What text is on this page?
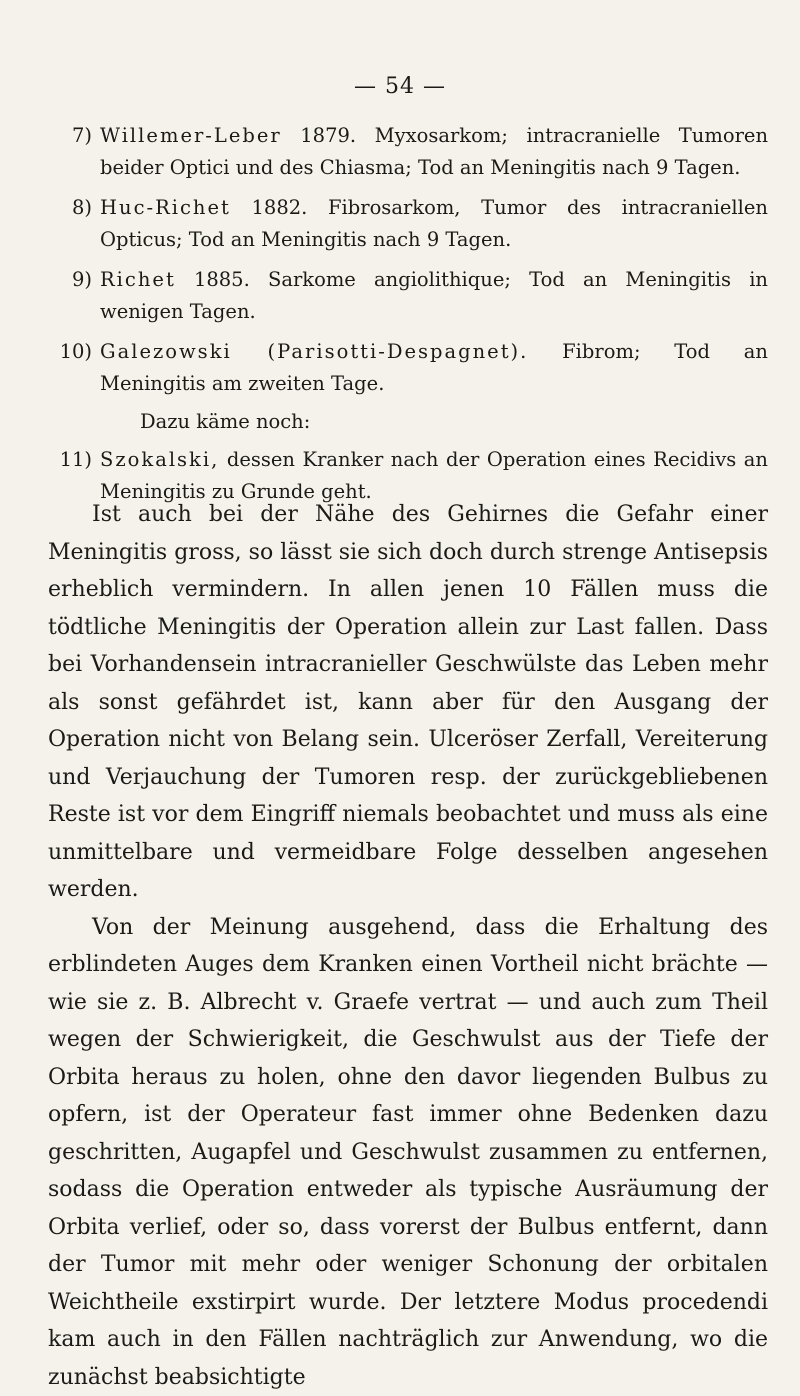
— 54 —
7) Willemer-Leber 1879. Myxosarkom; intracranielle Tumoren beider Optici und des Chiasma; Tod an Meningitis nach 9 Tagen.
8) Huc-Richet 1882. Fibrosarkom, Tumor des intracraniellen Opticus; Tod an Meningitis nach 9 Tagen.
9) Richet 1885. Sarkome angiolithique; Tod an Meningitis in wenigen Tagen.
10) Galezowski (Parisotti-Despagnet). Fibrom; Tod an Meningitis am zweiten Tage.
Dazu käme noch:
11) Szokalski, dessen Kranker nach der Operation eines Recidivs an Meningitis zu Grunde geht.

Ist auch bei der Nähe des Gehirnes die Gefahr einer Meningitis gross, so lässt sie sich doch durch strenge Antisepsis erheblich vermindern. In allen jenen 10 Fällen muss die tödtliche Meningitis der Operation allein zur Last fallen. Dass bei Vorhandensein intracranieller Geschwülste das Leben mehr als sonst gefährdet ist, kann aber für den Ausgang der Operation nicht von Belang sein. Ulceröser Zerfall, Vereiterung und Verjauchung der Tumoren resp. der zurückgebliebenen Reste ist vor dem Eingriff niemals beobachtet und muss als eine unmittelbare und vermeidbare Folge desselben angesehen werden.

Von der Meinung ausgehend, dass die Erhaltung des erblindeten Auges dem Kranken einen Vortheil nicht brächte — wie sie z. B. Albrecht v. Graefe vertrat — und auch zum Theil wegen der Schwierigkeit, die Geschwulst aus der Tiefe der Orbita heraus zu holen, ohne den davor liegenden Bulbus zu opfern, ist der Operateur fast immer ohne Bedenken dazu geschritten, Augapfel und Geschwulst zusammen zu entfernen, sodass die Operation entweder als typische Ausräumung der Orbita verlief, oder so, dass vorerst der Bulbus entfernt, dann der Tumor mit mehr oder weniger Schonung der orbitalen Weichtheile exstirpirt wurde. Der letztere Modus procedendi kam auch in den Fällen nachträglich zur Anwendung, wo die zunächst beabsichtigte
